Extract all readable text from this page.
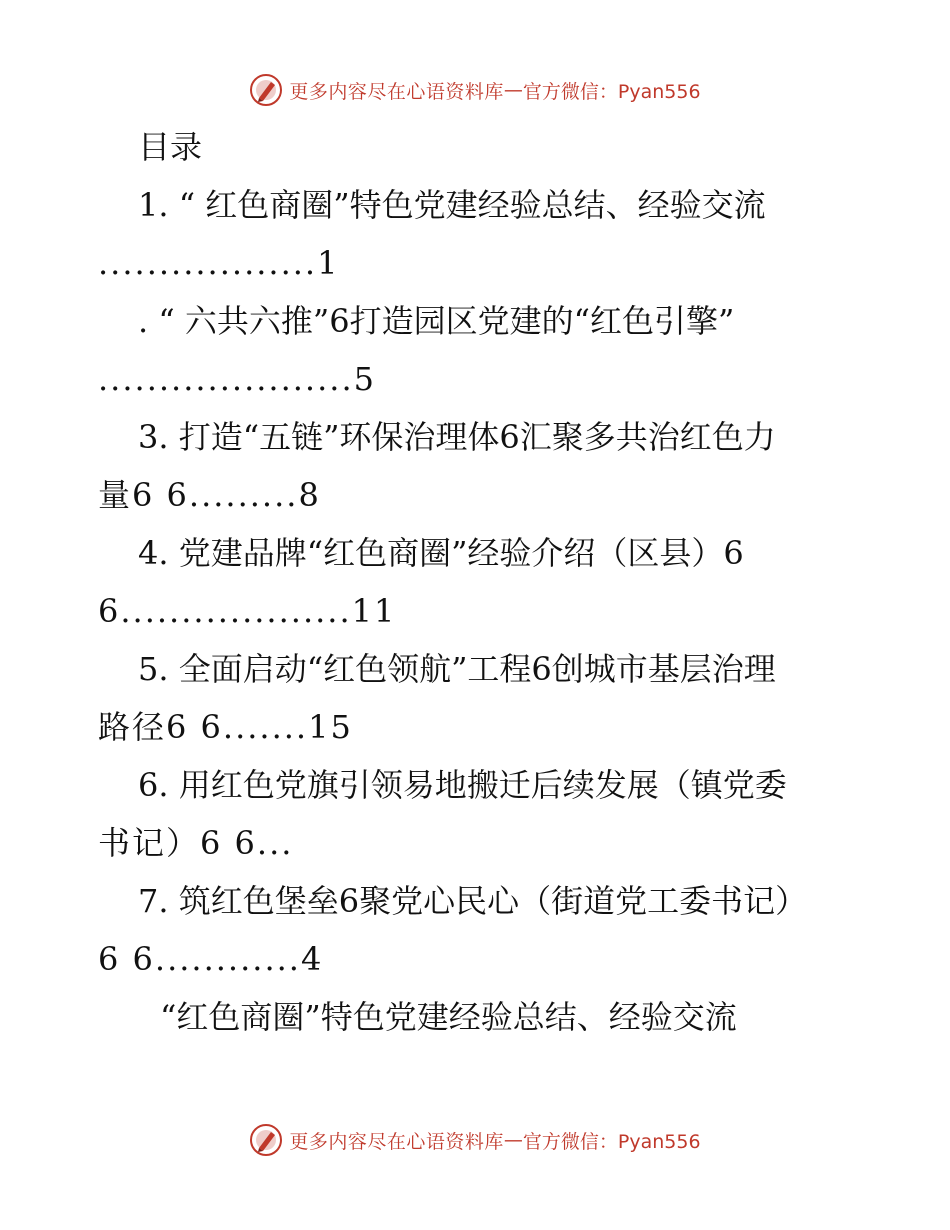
更多内容尽在心语资料库 — 官方微信：Pyan556
目录
1. “ 红色商圈”特色党建经验总结、经验交流
..................1
. “ 六共六推”6打造园区党建的“红色引擎”
.....................5
3. 打造“五链”环保治理体6汇聚多共治红色力
量6 6.........8
4. 党建品牌“红色商圈”经验介绍（区县）6
6...................11
5. 全面启动“红色领航”工程6创城市基层治理
路径6 6.......15
6. 用红色党旗引领易地搬迁后续发展（镇党委
书记）6 6...
7. 筑红色堡垒6聚党心民心（街道党工委书记）
6 6............4
“红色商圈”特色党建经验总结、经验交流
更多内容尽在心语资料库 — 官方微信：Pyan556
